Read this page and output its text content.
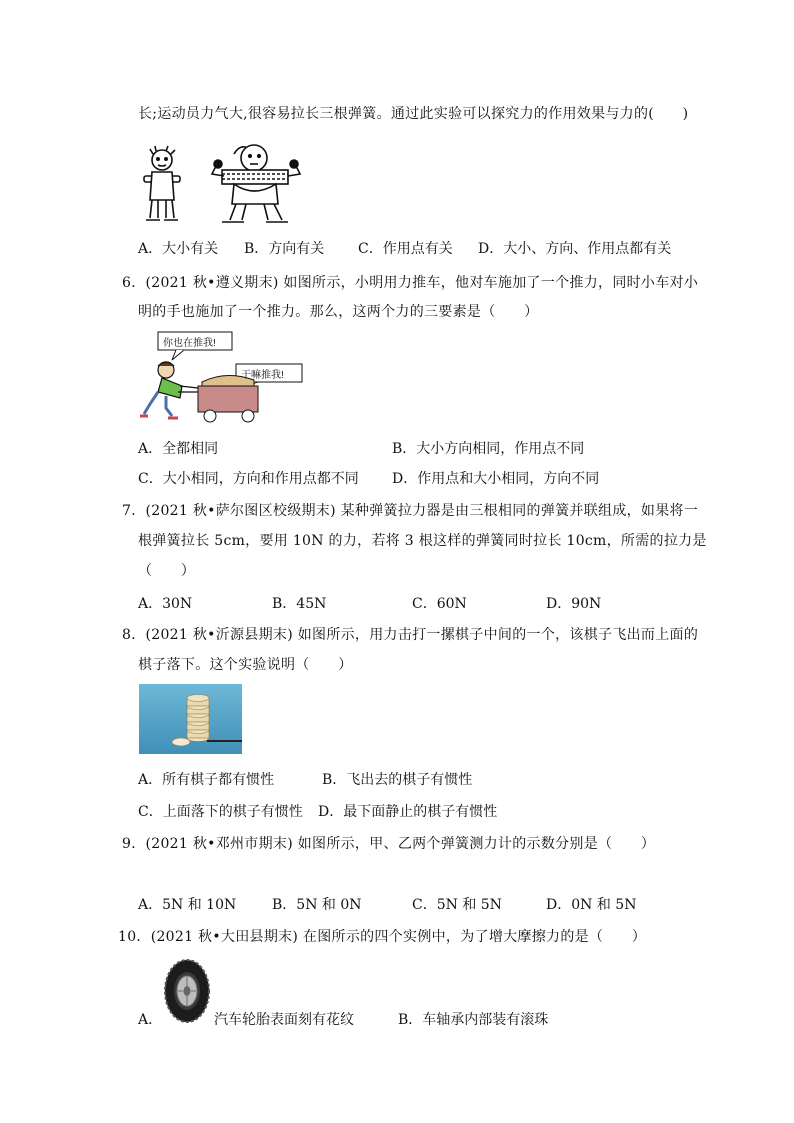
长;运动员力气大,很容易拉长三根弹簧。通过此实验可以探究力的作用效果与力的(　　)
A．大小有关 B．方向有关 C．作用点有关 D．大小、方向、作用点都有关
6．(2021 秋•遵义期末) 如图所示，小明用力推车，他对车施加了一个推力，同时小车对小
明的手也施加了一个推力。那么，这两个力的三要素是（　　）
你也在推我!
干嘛推我!
A．全都相同	B．大小方向相同，作用点不同
C．大小相同，方向和作用点都不同 D．作用点和大小相同，方向不同
7．(2021 秋•萨尔图区校级期末) 某种弹簧拉力器是由三根相同的弹簧并联组成，如果将一
根弹簧拉长 5cm，要用 10N 的力，若将 3 根这样的弹簧同时拉长 10cm，所需的拉力是
（　　）
A．30N	B．45N	C．60N	D．90N
8．(2021 秋•沂源县期末) 如图所示，用力击打一摞棋子中间的一个，该棋子飞出而上面的
棋子落下。这个实验说明（　　）
A．所有棋子都有惯性	B．飞出去的棋子有惯性
C．上面落下的棋子有惯性 D．最下面静止的棋子有惯性
9．(2021 秋•邓州市期末) 如图所示，甲、乙两个弹簧测力计的示数分别是（　　）
A．5N 和 10N	B．5N 和 0N	C．5N 和 5N	D．0N 和 5N
10．(2021 秋•大田县期末) 在图所示的四个实例中，为了增大摩擦力的是（　　）
A．	汽车轮胎表面刻有花纹	B．车轴承内部装有滚珠
